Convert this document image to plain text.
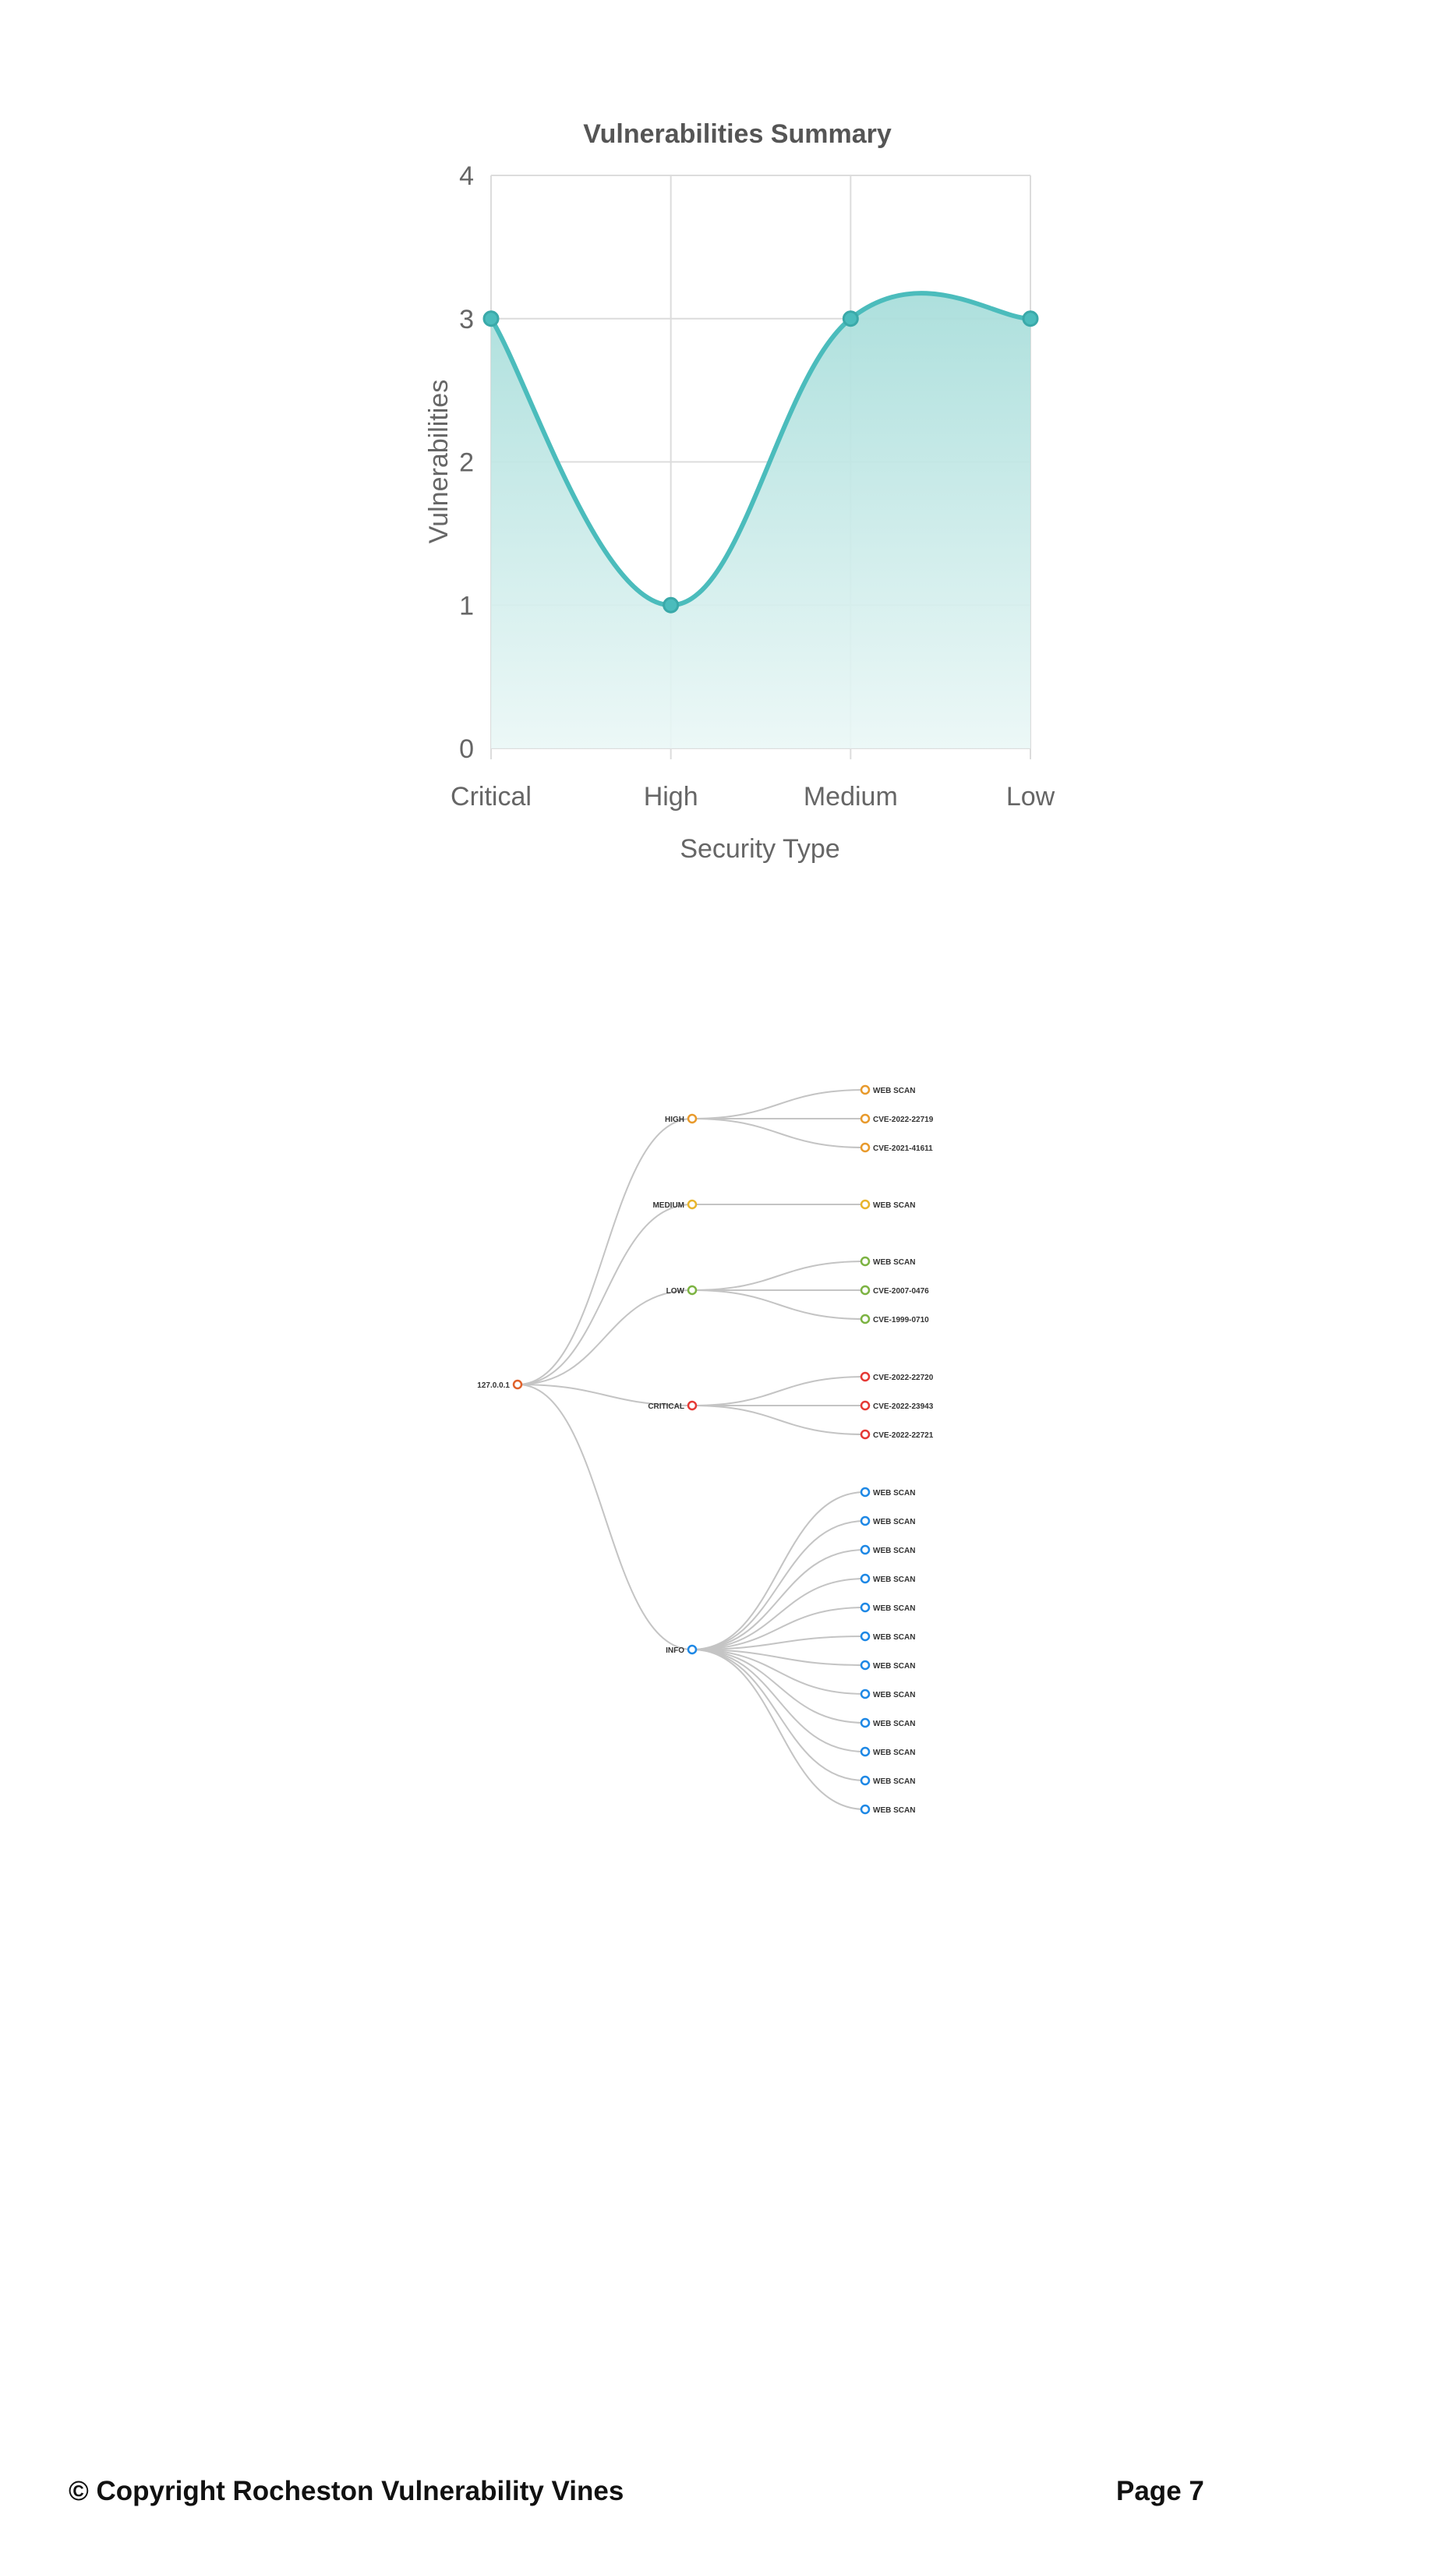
0
1
2
3
4
Critical	High	Medium	Low
Vulnerabilities Summary
Security Type
Vulnerabilities
WEB SCAN
CVE-2022-22719
CVE-2021-41611
HIGH
WEB SCAN
MEDIUM
WEB SCAN
CVE-2007-0476
CVE-1999-0710
LOW
CVE-2022-22720
CVE-2022-23943
CVE-2022-22721
CRITICAL
WEB SCAN
WEB SCAN
WEB SCAN
WEB SCAN
WEB SCAN
WEB SCAN
WEB SCAN
WEB SCAN
WEB SCAN
WEB SCAN
WEB SCAN
WEB SCAN
INFO
127.0.0.1
© Copyright Rocheston Vulnerability Vines	Page 7
